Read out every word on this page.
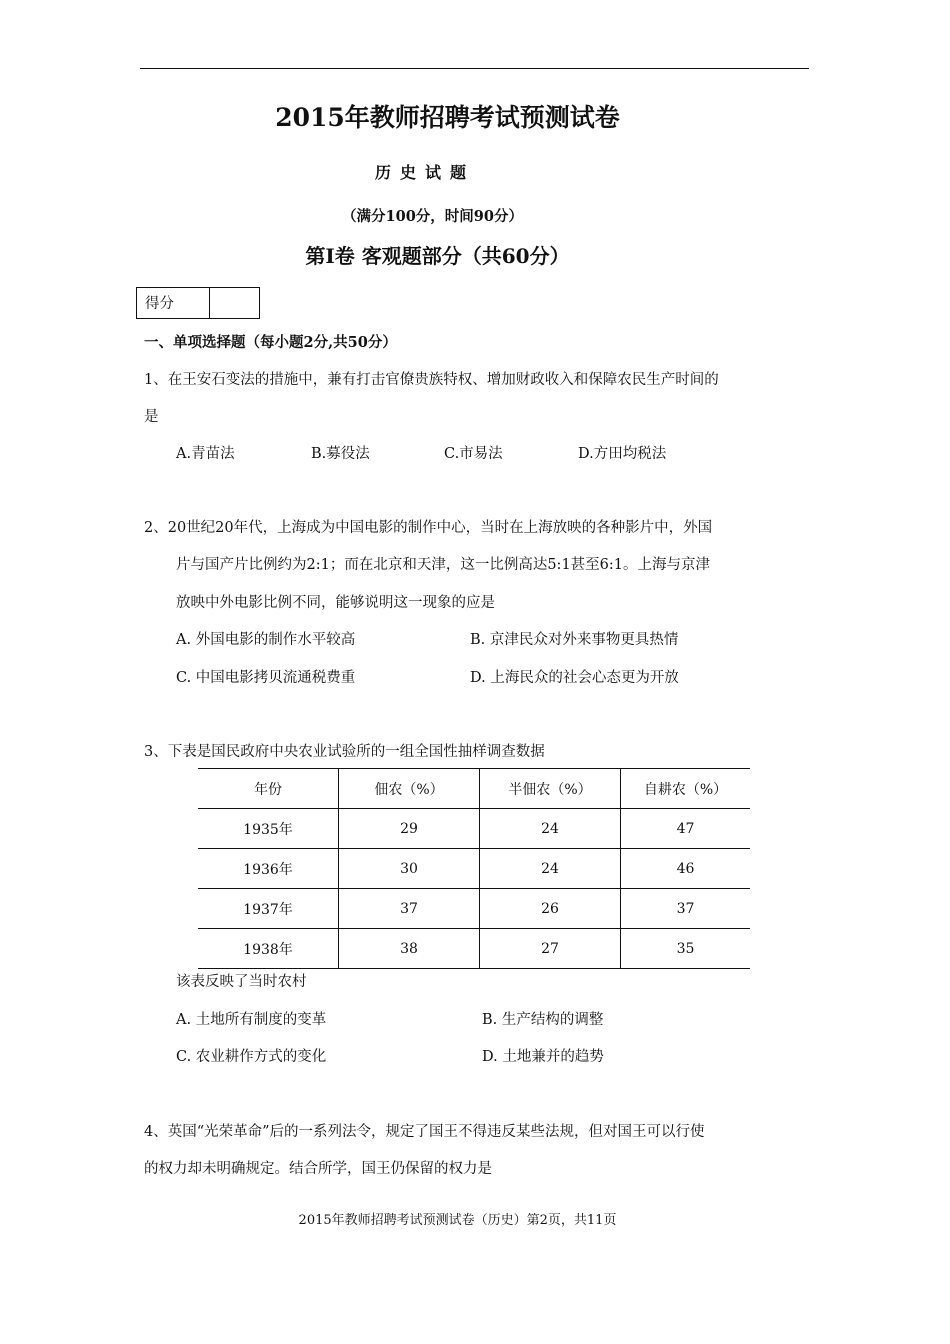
2015年教师招聘考试预测试卷
历史试题
（满分100分，时间90分）
第Ⅰ卷 客观题部分（共60分）
得分
一、单项选择题（每小题2分,共50分）
1、在王安石变法的措施中，兼有打击官僚贵族特权、增加财政收入和保障农民生产时间的
是
A.青苗法	B.募役法	C.市易法	D.方田均税法
2、20世纪20年代，上海成为中国电影的制作中心，当时在上海放映的各种影片中，外国
片与国产片比例约为2:1；而在北京和天津，这一比例高达5:1甚至6:1。上海与京津
放映中外电影比例不同，能够说明这一现象的应是
A. 外国电影的制作水平较高	B. 京津民众对外来事物更具热情
C. 中国电影拷贝流通税费重	D. 上海民众的社会心态更为开放
3、下表是国民政府中央农业试验所的一组全国性抽样调查数据
年份	佃农（%）	半佃农（%）	自耕农（%）
1935年	29	24	47
1936年	30	24	46
1937年	37	26	37
1938年	38	27	35
该表反映了当时农村
A. 土地所有制度的变革	B. 生产结构的调整
C. 农业耕作方式的变化	D. 土地兼并的趋势
4、英国“光荣革命”后的一系列法令，规定了国王不得违反某些法规，但对国王可以行使
的权力却未明确规定。结合所学，国王仍保留的权力是
2015年教师招聘考试预测试卷（历史）第2页，共11页
